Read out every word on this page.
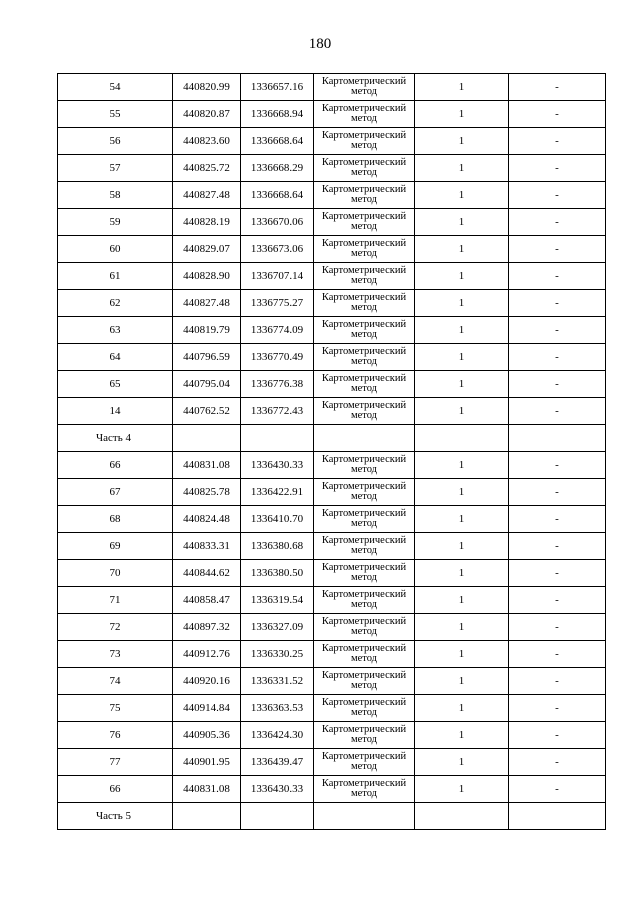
180
54	440820.99	1336657.16	Картометрический метод	1	-
55	440820.87	1336668.94	Картометрический метод	1	-
56	440823.60	1336668.64	Картометрический метод	1	-
57	440825.72	1336668.29	Картометрический метод	1	-
58	440827.48	1336668.64	Картометрический метод	1	-
59	440828.19	1336670.06	Картометрический метод	1	-
60	440829.07	1336673.06	Картометрический метод	1	-
61	440828.90	1336707.14	Картометрический метод	1	-
62	440827.48	1336775.27	Картометрический метод	1	-
63	440819.79	1336774.09	Картометрический метод	1	-
64	440796.59	1336770.49	Картометрический метод	1	-
65	440795.04	1336776.38	Картометрический метод	1	-
14	440762.52	1336772.43	Картометрический метод	1	-
Часть 4					
66	440831.08	1336430.33	Картометрический метод	1	-
67	440825.78	1336422.91	Картометрический метод	1	-
68	440824.48	1336410.70	Картометрический метод	1	-
69	440833.31	1336380.68	Картометрический метод	1	-
70	440844.62	1336380.50	Картометрический метод	1	-
71	440858.47	1336319.54	Картометрический метод	1	-
72	440897.32	1336327.09	Картометрический метод	1	-
73	440912.76	1336330.25	Картометрический метод	1	-
74	440920.16	1336331.52	Картометрический метод	1	-
75	440914.84	1336363.53	Картометрический метод	1	-
76	440905.36	1336424.30	Картометрический метод	1	-
77	440901.95	1336439.47	Картометрический метод	1	-
66	440831.08	1336430.33	Картометрический метод	1	-
Часть 5					
